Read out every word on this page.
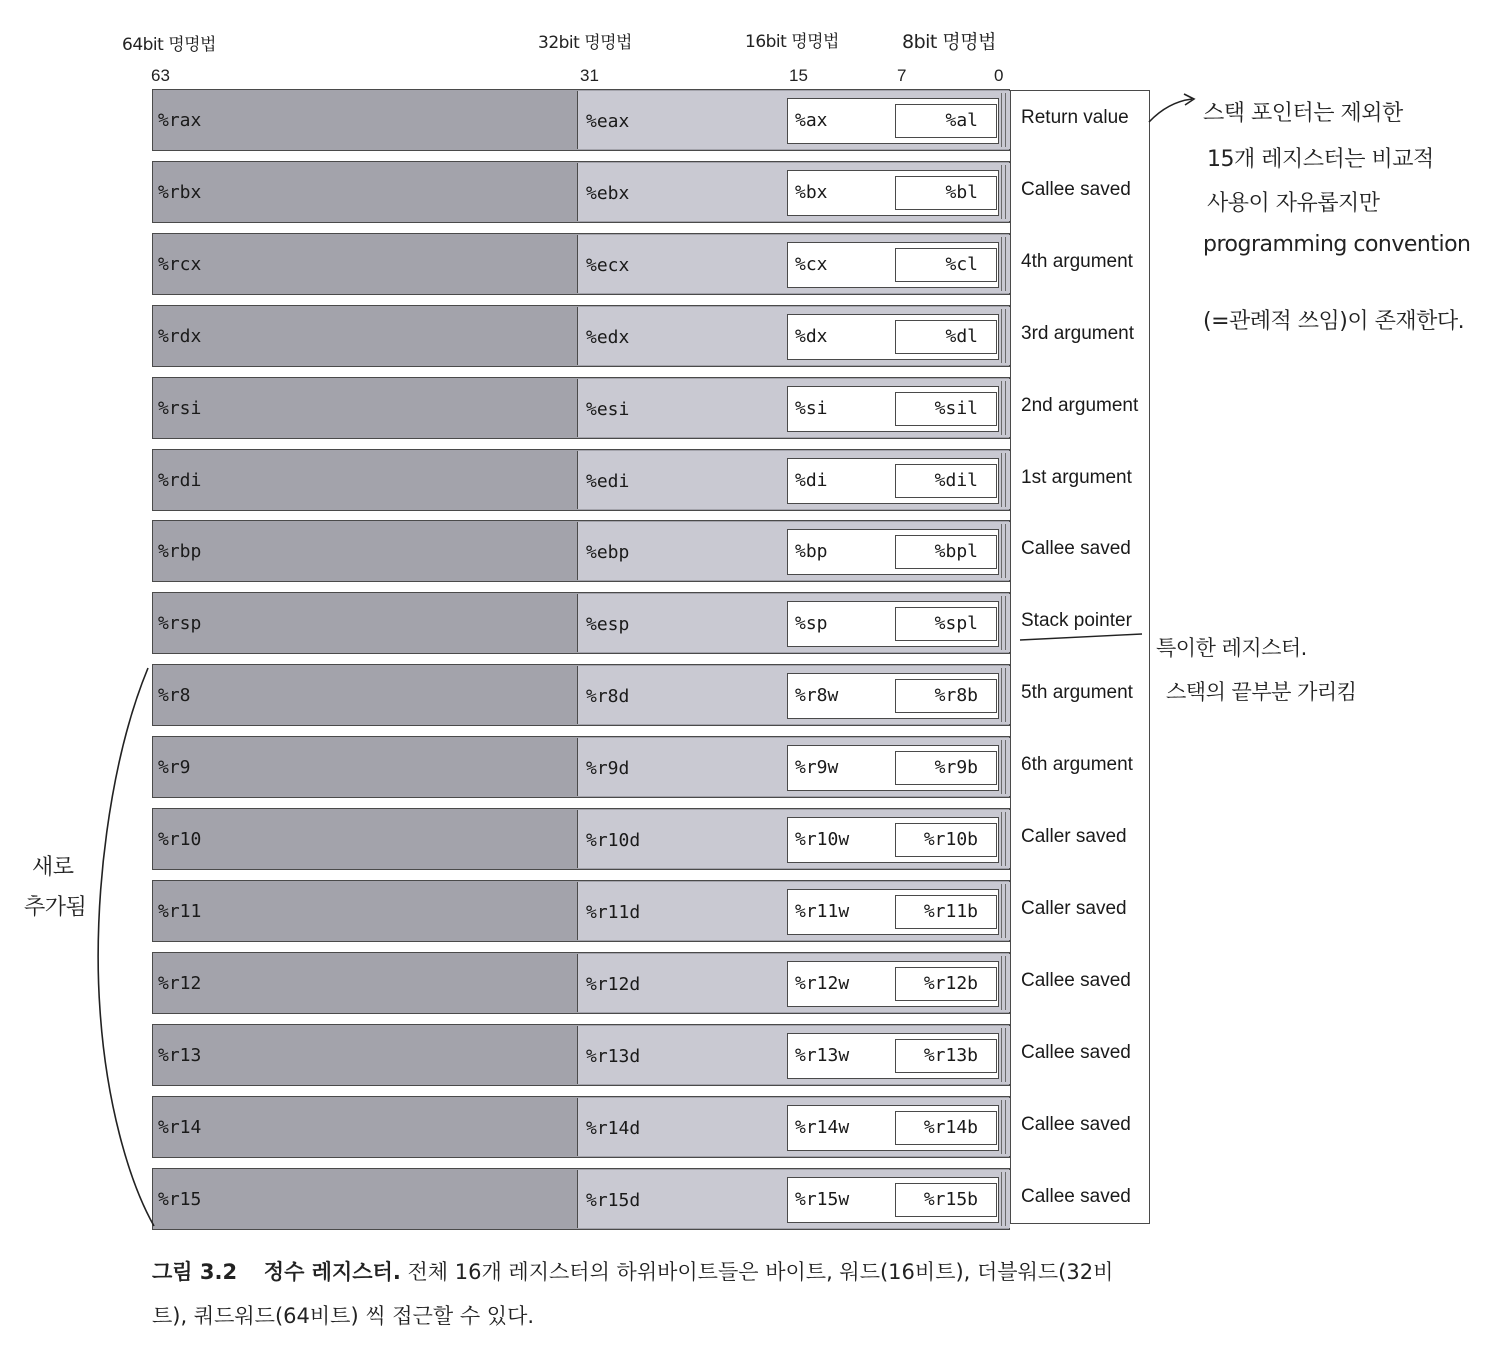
64bit 명명법	32bit 명명법	16bit 명명법	8bit 명명법
63	31	15	7	0
%rax	%eax	%ax	%al Return value
%rbx	%ebx	%bx	%bl Callee saved
%rcx	%ecx	%cx	%cl 4th argument
%rdx	%edx	%dx	%dl 3rd argument
%rsi	%esi	%si	%sil 2nd argument
%rdi	%edi	%di	%dil 1st argument
%rbp	%ebp	%bp	%bpl Callee saved
%rsp	%esp	%sp	%spl Stack pointer
%r8	%r8d	%r8w	%r8b 5th argument
%r9	%r9d	%r9w	%r9b 6th argument
%r10	%r10d	%r10w	%r10b Caller saved
%r11	%r11d	%r11w	%r11b Caller saved
%r12	%r12d	%r12w	%r12b Callee saved
%r13	%r13d	%r13w	%r13b Callee saved
%r14	%r14d	%r14w	%r14b Callee saved
%r15	%r15d	%r15w	%r15b Callee saved
스택 포인터는 제외한
15개 레지스터는 비교적
사용이 자유롭지만
programming convention
(=관례적 쓰임)이 존재한다.
특이한 레지스터.
스택의 끝부분 가리킴
새로
추가됨
그림 3.2 정수 레지스터. 전체 16개 레지스터의 하위바이트들은 바이트, 워드(16비트), 더블워드(32비
트), 쿼드워드(64비트) 씩 접근할 수 있다.
